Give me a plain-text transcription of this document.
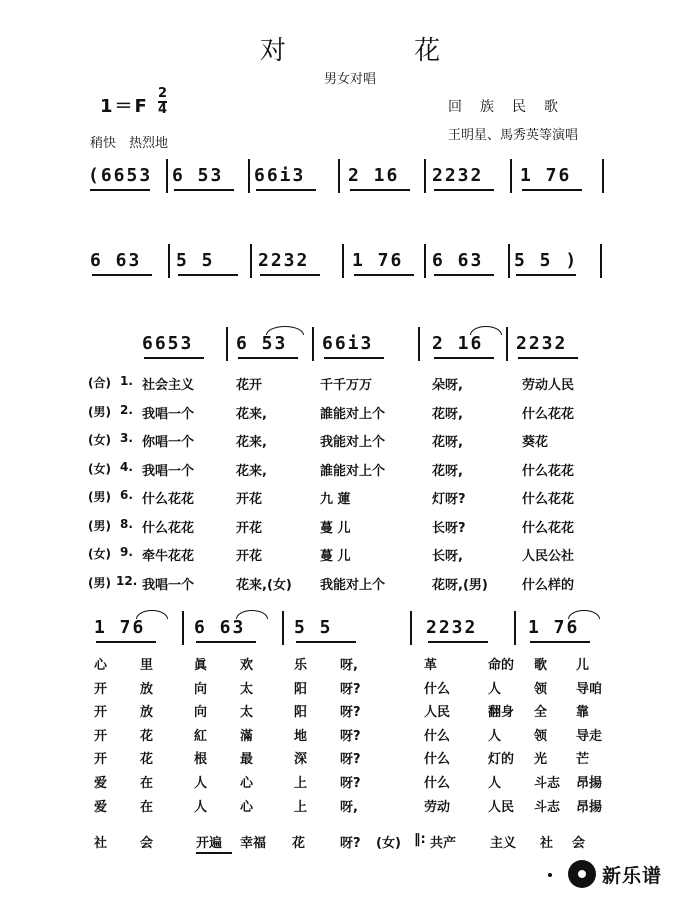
对 花
男女对唱
1＝F
2
4
稍快　热烈地
回族民歌
王明星、馬秀英等演唱
(6653 6 53 66i3 2 16 2232 1 76
6 63 5 5 2232 1 76 6 63 5 5 )
6653 6 53 66i3	2 16 2232
(合) 1. 社会主义	花开	千千万万	朵呀,	劳动人民
(男) 2. 我唱一个	花来,	誰能对上个	花呀,	什么花花
(女) 3. 你唱一个	花来,	我能对上个	花呀,	葵花
(女) 4. 我唱一个	花来,	誰能对上个	花呀,	什么花花
(男) 6. 什么花花	开花	九 蓮	灯呀?	什么花花
(男) 8. 什么花花	开花	蔓 儿	长呀?	什么花花
(女) 9. 牵牛花花	开花	蔓 儿	长呀,	人民公社
(男) 12. 我唱一个	花来,(女) 我能对上个	花呀,(男)	什么样的
1 76	6 63	5 5	2232	1 76
心	里	眞	欢	乐	呀,	革	命的 歌 儿
开	放	向	太	阳	呀?	什么	人	领 导咱
开	放	向	太	阳	呀?	人民	翻身 全 靠
开	花	紅	滿	地	呀?	什么	人	领 导走
开	花	根	最	深	呀?	什么	灯的 光 芒
爱	在	人	心	上	呀?	什么	人	斗志 昂揚
爱	在	人	心	上	呀,	劳动	人民 斗志 昂揚
社	会	开遍 幸福 花	呀? (女) ‖: 共产	主义 社 会
新乐谱
